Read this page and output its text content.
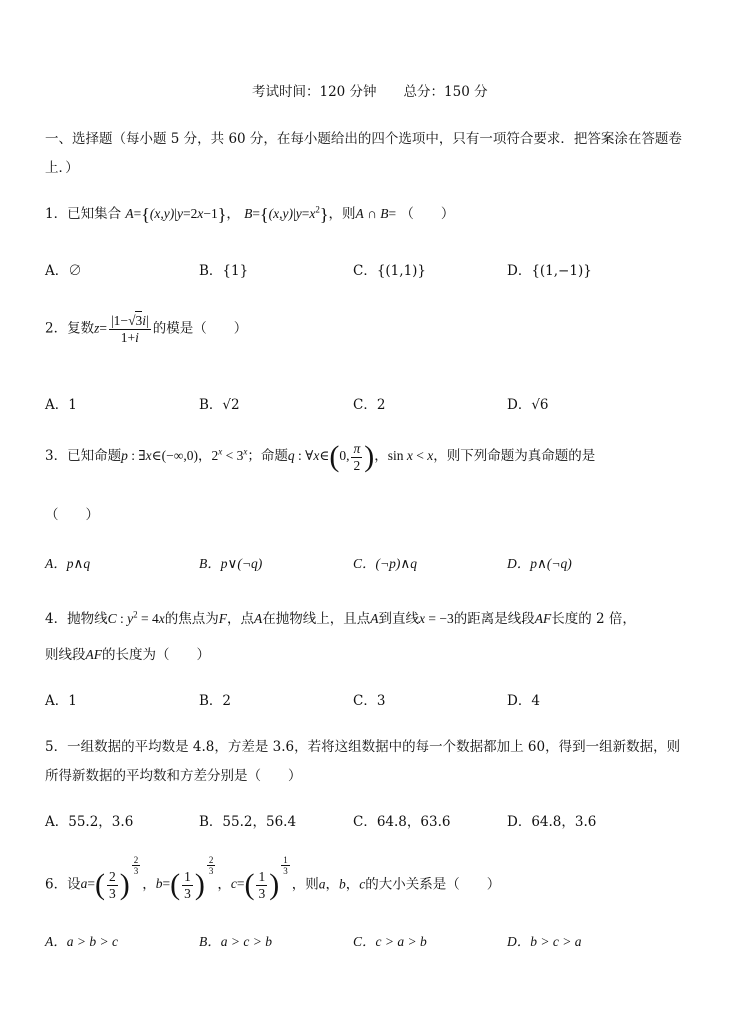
考试时间：120 分钟　　总分：150 分
一、选择题（每小题 5 分，共 60 分，在每小题给出的四个选项中，只有一项符合要求．把答案涂在答题卷
上．）
1．已知集合 A={(x,y)|y=2x−1}， $B=\{(x,y)|y=x^2\}$，则A ∩ B= （　　）
A．∅	B．{1}	C．{(1,1)}	D．{(1,−1)}
2．复数$z= \frac{|1-√3i|}{1+i}$ 的模是（　　）
A．1	B．√2	C．2	D．√6
3．已知命题p : ∃x∈(−∞,0)，$2^x < 3^x$；命题q : ∀x∈(0, $\frac{\pi}{2}$ )，sin x < x，则下列命题为真命题的是
（　　）
A．p∧q	B．p∨(¬q)	C．(¬p)∧q	D．p∧(¬q)
4．抛物线C : $y^2 = 4x$的焦点为F，点A在抛物线上，且点A到直线x = −3的距离是线段AF长度的 2 倍，
则线段AF的长度为（　　）
A．1	B．2	C．3	D．4
5．一组数据的平均数是 4.8，方差是 3.6，若将这组数据中的每一个数据都加上 60，得到一组新数据，则
所得新数据的平均数和方差分别是（　　）
A．55.2，3.6	B．55.2，56.4	C．64.8，63.6	D．64.8，3.6
6．设$a=( \frac{2}{3}$ )
$^{\frac{2}{3}}$
，$b=( \frac{1}{3}$ )
$^{\frac{2}{3}}$
，$c=( \frac{1}{3}$ )
$^{\frac{1}{3}}$
，则a，b，c的大小关系是（　　）
A．a > b > c	B．a > c > b	C．c > a > b	D．b > c > a
